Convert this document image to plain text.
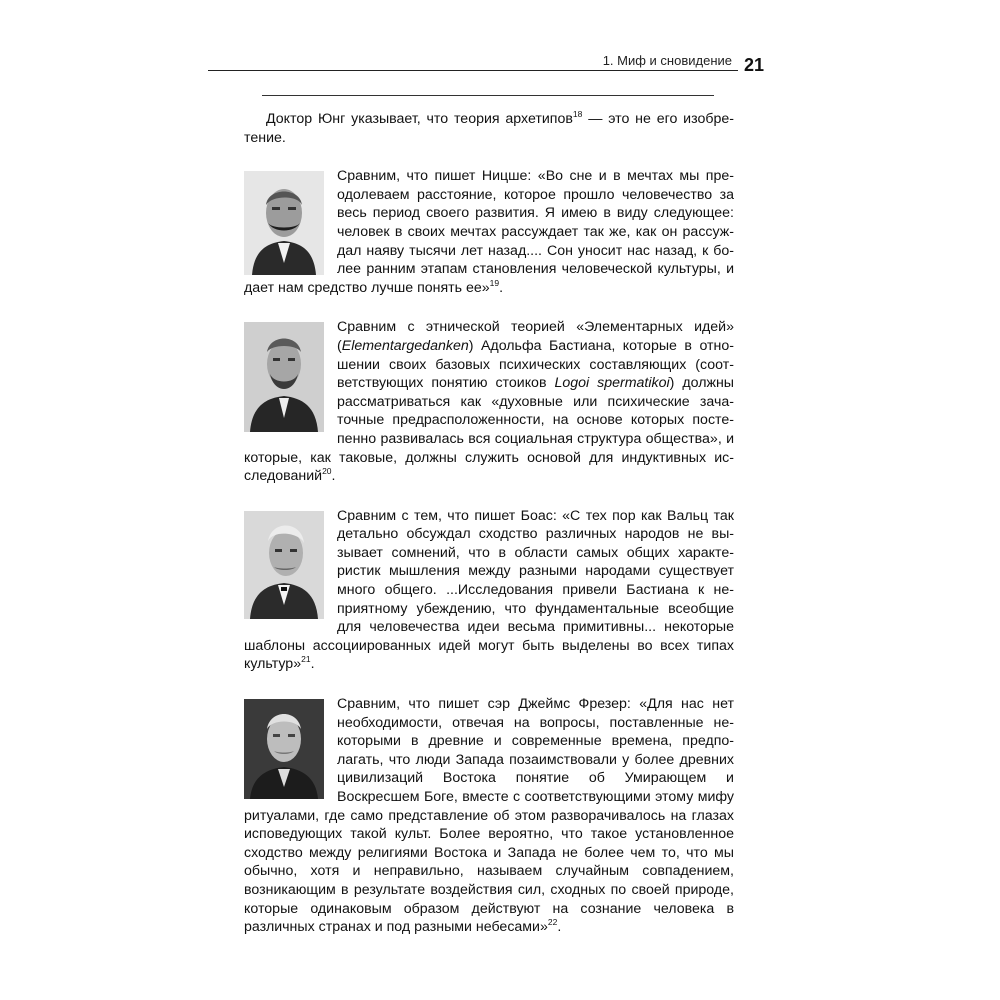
1. Миф и сновидение 21

Доктор Юнг указывает, что теория архетипов$^{18}$ — это не его изобретение.

Сравним, что пишет Ницше: «Во сне и в мечтах мы преодолеваем расстояние, которое прошло человечество за весь период своего развития. Я имею в виду следующее: человек в своих мечтах рассуждает так же, как он рассуждал наяву тысячи лет назад.... Сон уносит нас назад, к более ранним этапам становления человеческой культуры, и дает нам средство лучше понять ее»$^{19}$.

Сравним с этнической теорией «Элементарных идей» (Elementargedanken) Адольфа Бастиана, которые в отношении своих базовых психических составляющих (соответствующих понятию стоиков Logoi spermatikoi) должны рассматриваться как «духовные или психические зачаточные предрасположенности, на основе которых постепенно развивалась вся социальная структура общества», и которые, как таковые, должны служить основой для индуктивных исследований$^{20}$.

Сравним с тем, что пишет Боас: «С тех пор как Вальц так детально обсуждал сходство различных народов не вызывает сомнений, что в области самых общих характеристик мышления между разными народами существует много общего. ...Исследования привели Бастиана к неприятному убеждению, что фундаментальные всеобщие для человечества идеи весьма примитивны... некоторые шаблоны ассоциированных идей могут быть выделены во всех типах культур»$^{21}$.

Сравним, что пишет сэр Джеймс Фрезер: «Для нас нет необходимости, отвечая на вопросы, поставленные некоторыми в древние и современные времена, предполагать, что люди Запада позаимствовали у более древних цивилизаций Востока понятие об Умирающем и Воскресшем Боге, вместе с соответствующими этому мифу ритуалами, где само представление об этом разворачивалось на глазах исповедующих такой культ. Более вероятно, что такое установленное сходство между религиями Востока и Запада не более чем то, что мы обычно, хотя и неправильно, называем случайным совпадением, возникающим в результате воздействия сил, сходных по своей природе, которые одинаковым образом действуют на сознание человека в различных странах и под разными небесами»$^{22}$.
